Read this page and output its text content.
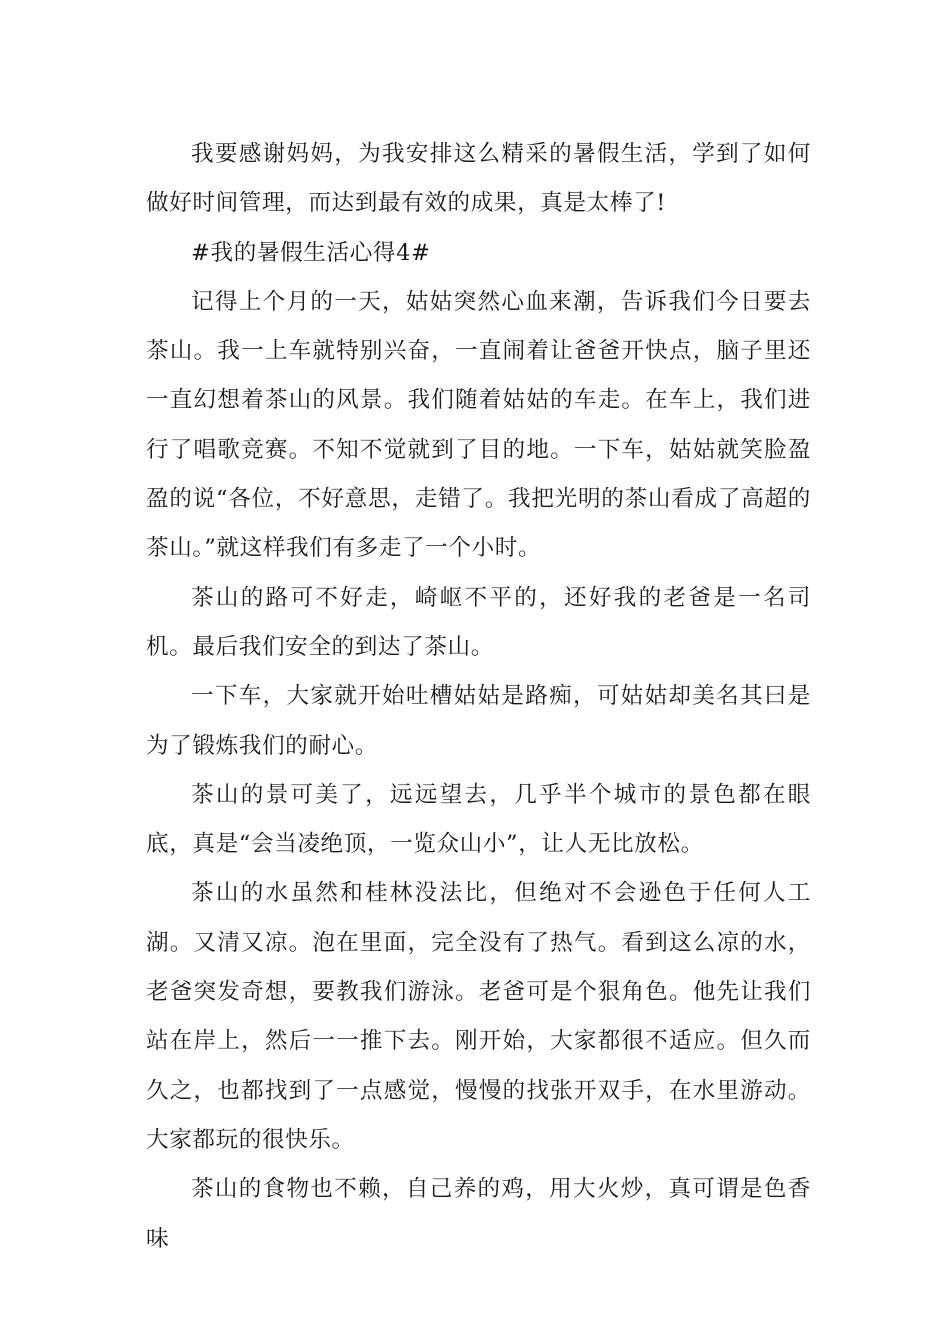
我要感谢妈妈，为我安排这么精采的暑假生活，学到了如何做好时间管理，而达到最有效的成果，真是太棒了!

#我的暑假生活心得4#

记得上个月的一天，姑姑突然心血来潮，告诉我们今日要去茶山。我一上车就特别兴奋，一直闹着让爸爸开快点，脑子里还一直幻想着茶山的风景。我们随着姑姑的车走。在车上，我们进行了唱歌竞赛。不知不觉就到了目的地。一下车，姑姑就笑脸盈盈的说“各位，不好意思，走错了。我把光明的茶山看成了高超的茶山。”就这样我们有多走了一个小时。

茶山的路可不好走，崎岖不平的，还好我的老爸是一名司机。最后我们安全的到达了茶山。

一下车，大家就开始吐槽姑姑是路痴，可姑姑却美名其曰是为了锻炼我们的耐心。

茶山的景可美了，远远望去，几乎半个城市的景色都在眼底，真是“会当凌绝顶，一览众山小”，让人无比放松。

茶山的水虽然和桂林没法比，但绝对不会逊色于任何人工湖。又清又凉。泡在里面，完全没有了热气。看到这么凉的水，老爸突发奇想，要教我们游泳。老爸可是个狠角色。他先让我们站在岸上，然后一一推下去。刚开始，大家都很不适应。但久而久之，也都找到了一点感觉，慢慢的找张开双手，在水里游动。大家都玩的很快乐。

茶山的食物也不赖，自己养的鸡，用大火炒，真可谓是色香味
